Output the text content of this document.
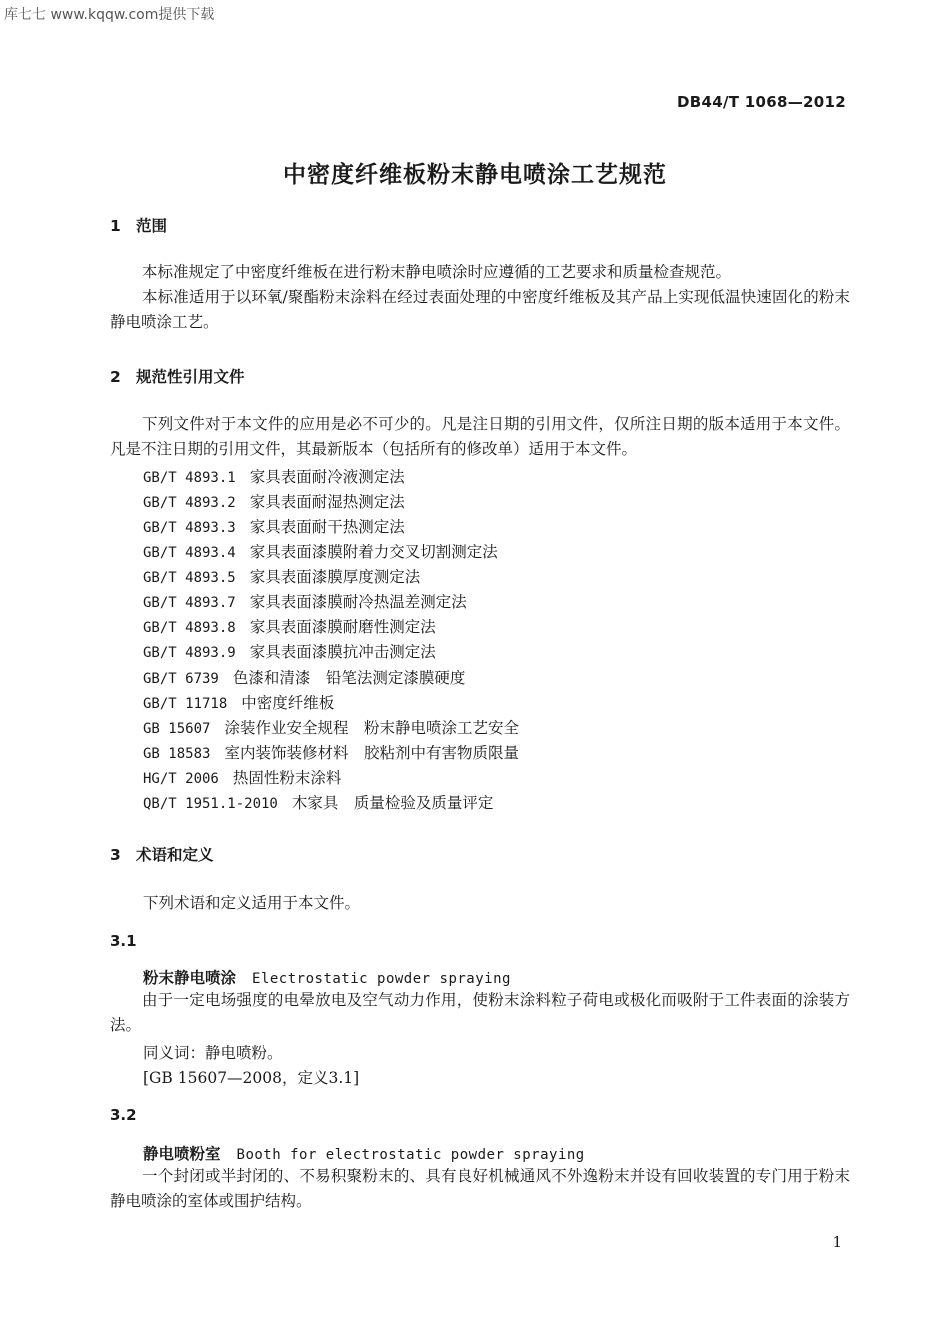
库七七 www.kqqw.com提供下载
DB44/T 1068—2012
中密度纤维板粉末静电喷涂工艺规范
1 范围
本标准规定了中密度纤维板在进行粉末静电喷涂时应遵循的工艺要求和质量检查规范。
本标准适用于以环氧/聚酯粉末涂料在经过表面处理的中密度纤维板及其产品上实现低温快速固化的粉末静电喷涂工艺。
2 规范性引用文件
下列文件对于本文件的应用是必不可少的。凡是注日期的引用文件，仅所注日期的版本适用于本文件。凡是不注日期的引用文件，其最新版本（包括所有的修改单）适用于本文件。
GB/T 4893.1 家具表面耐冷液测定法
GB/T 4893.2 家具表面耐湿热测定法
GB/T 4893.3 家具表面耐干热测定法
GB/T 4893.4 家具表面漆膜附着力交叉切割测定法
GB/T 4893.5 家具表面漆膜厚度测定法
GB/T 4893.7 家具表面漆膜耐冷热温差测定法
GB/T 4893.8 家具表面漆膜耐磨性测定法
GB/T 4893.9 家具表面漆膜抗冲击测定法
GB/T 6739 色漆和清漆　铅笔法测定漆膜硬度
GB/T 11718 中密度纤维板
GB 15607 涂装作业安全规程　粉末静电喷涂工艺安全
GB 18583 室内装饰装修材料　胶粘剂中有害物质限量
HG/T 2006 热固性粉末涂料
QB/T 1951.1-2010 木家具　质量检验及质量评定
3 术语和定义
下列术语和定义适用于本文件。
3.1
粉末静电喷涂 Electrostatic powder spraying
由于一定电场强度的电晕放电及空气动力作用，使粉末涂料粒子荷电或极化而吸附于工件表面的涂装方法。
同义词：静电喷粉。
[GB 15607—2008，定义3.1]
3.2
静电喷粉室 Booth for electrostatic powder spraying
一个封闭或半封闭的、不易积聚粉末的、具有良好机械通风不外逸粉末并设有回收装置的专门用于粉末静电喷涂的室体或围护结构。
1
